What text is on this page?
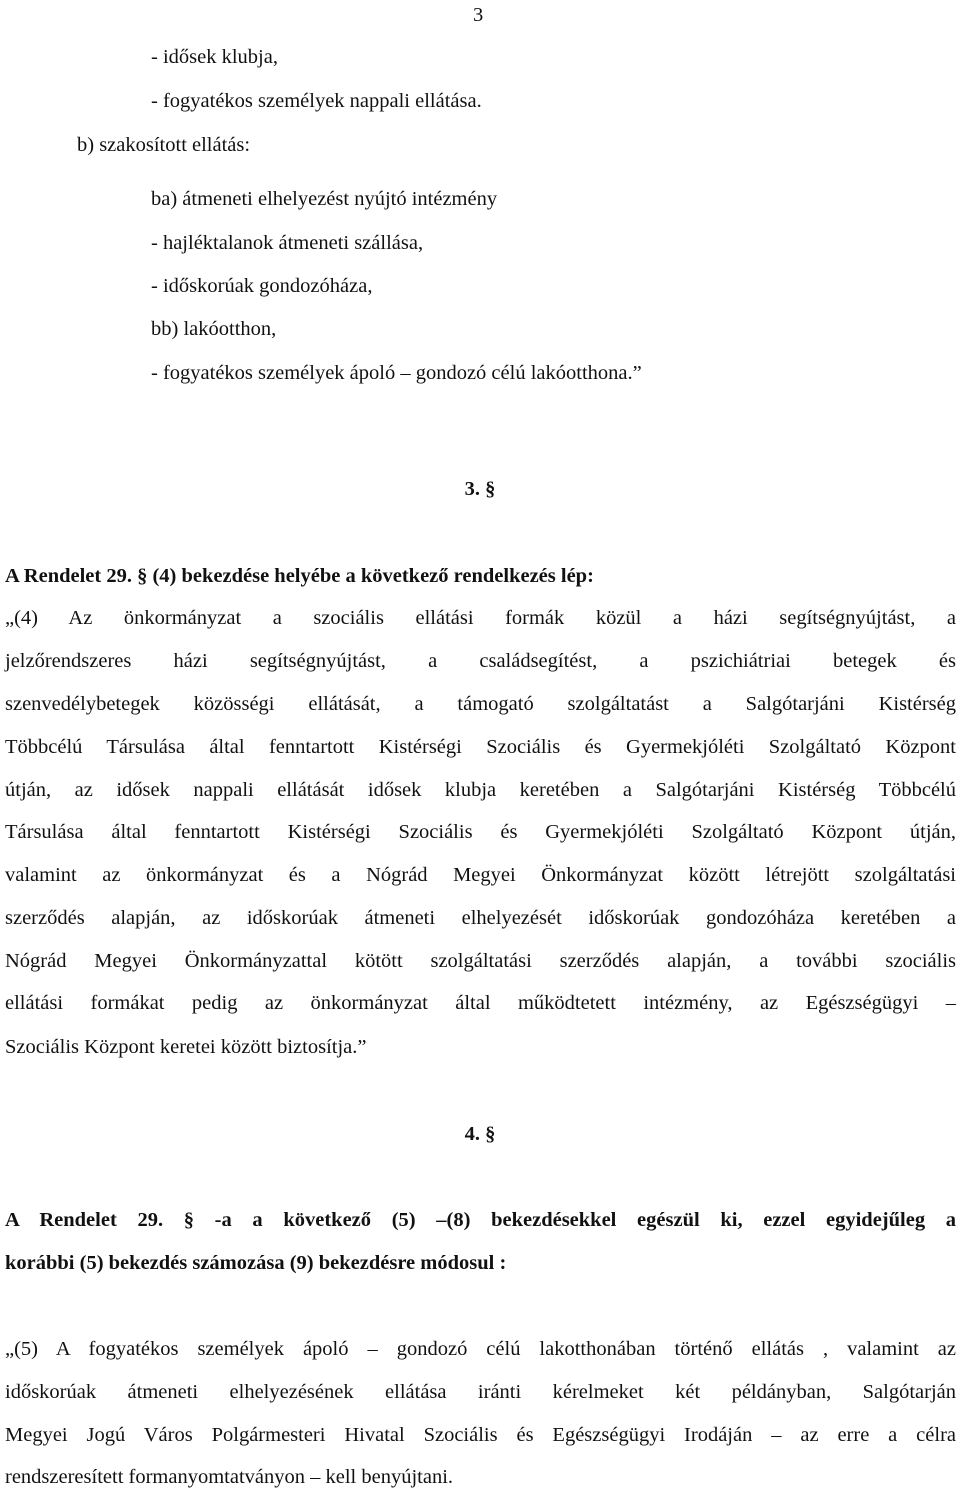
3
- idősek klubja,
- fogyatékos személyek nappali ellátása.
b) szakosított ellátás:
ba) átmeneti elhelyezést nyújtó intézmény
- hajléktalanok átmeneti szállása,
- időskorúak gondozóháza,
bb) lakóotthon,
- fogyatékos személyek ápoló – gondozó célú lakóotthona.”
3. §
A Rendelet 29. § (4) bekezdése helyébe a következő rendelkezés lép:
„(4) Az önkormányzat a szociális ellátási formák közül a házi segítségnyújtást, a
jelzőrendszeres házi segítségnyújtást, a családsegítést, a pszichiátriai betegek és
szenvedélybetegek közösségi ellátását, a támogató szolgáltatást a Salgótarjáni Kistérség
Többcélú Társulása által fenntartott Kistérségi Szociális és Gyermekjóléti Szolgáltató Központ
útján, az idősek nappali ellátását idősek klubja keretében a Salgótarjáni Kistérség Többcélú
Társulása által fenntartott Kistérségi Szociális és Gyermekjóléti Szolgáltató Központ útján,
valamint az önkormányzat és a Nógrád Megyei Önkormányzat között létrejött szolgáltatási
szerződés alapján, az időskorúak átmeneti elhelyezését időskorúak gondozóháza keretében a
Nógrád Megyei Önkormányzattal kötött szolgáltatási szerződés alapján, a további szociális
ellátási formákat pedig az önkormányzat által működtetett intézmény, az Egészségügyi –
Szociális Központ keretei között biztosítja.”
4. §
A Rendelet 29. § -a a következő (5) –(8) bekezdésekkel egészül ki, ezzel egyidejűleg a
korábbi (5) bekezdés számozása (9) bekezdésre módosul :
„(5) A fogyatékos személyek ápoló – gondozó célú lakotthonában történő ellátás , valamint az
időskorúak átmeneti elhelyezésének ellátása iránti kérelmeket két példányban, Salgótarján
Megyei Jogú Város Polgármesteri Hivatal Szociális és Egészségügyi Irodáján – az erre a célra
rendszeresített formanyomtatványon – kell benyújtani.
